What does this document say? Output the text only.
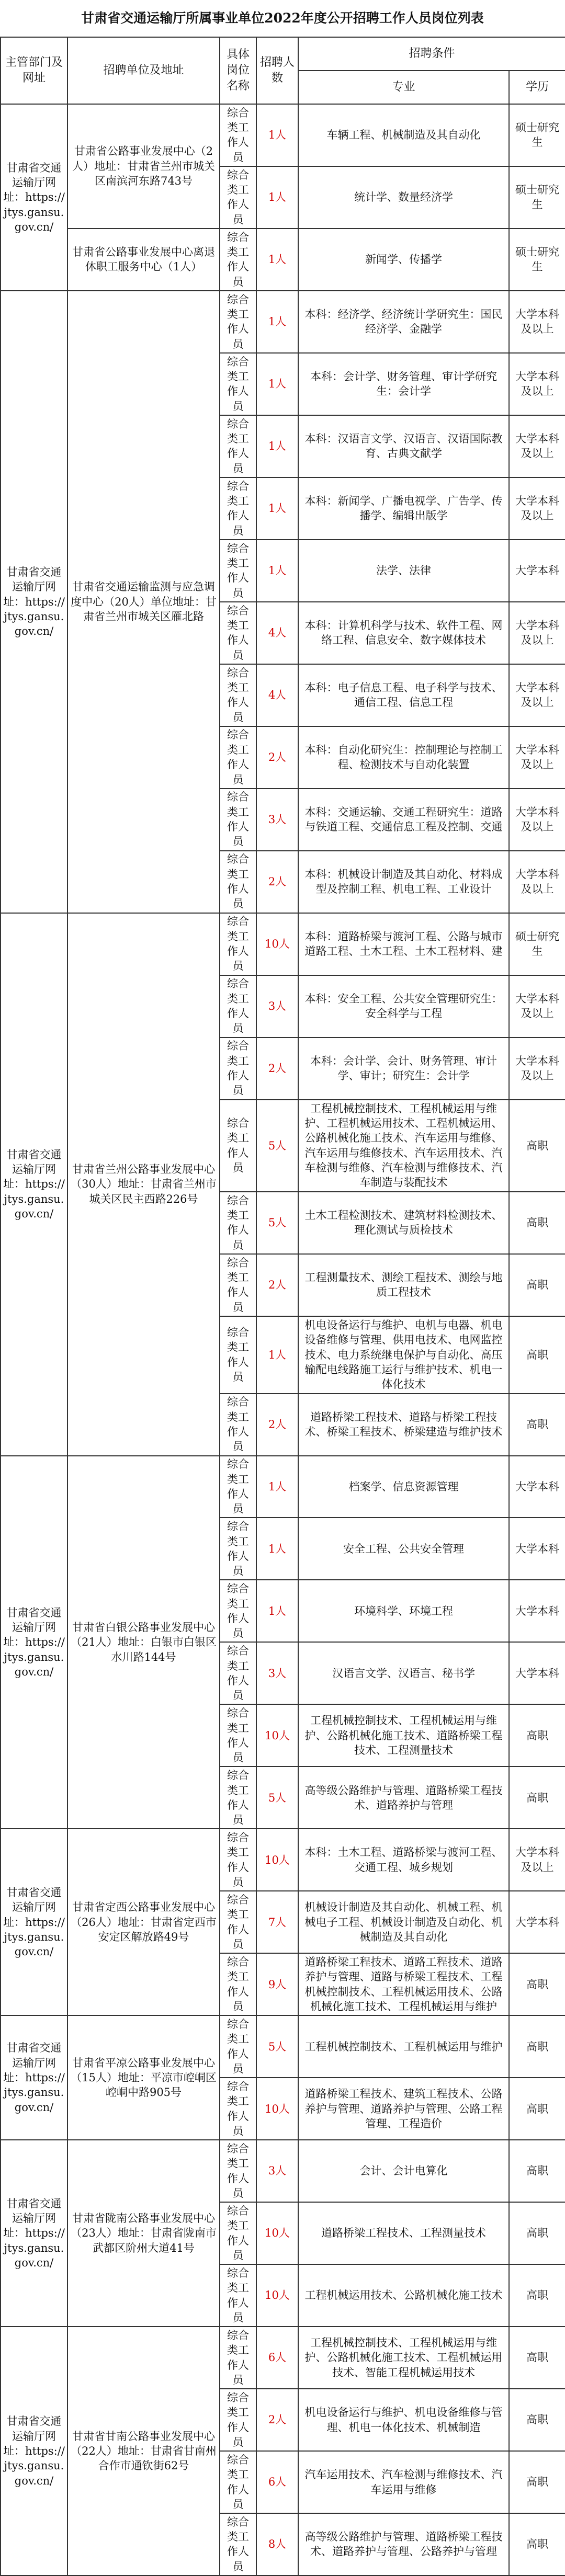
甘肃省交通运输厅所属事业单位2022年度公开招聘工作人员岗位列表
主管部门及网址	招聘单位及地址	具体岗位名称	招聘人数	招聘条件	
				专业	学历
甘肃省交通运输厅网址：https://jtys.gansu.gov.cn/	甘肃省公路事业发展中心（2人）地址：甘肃省兰州市城关区南滨河东路743号	综合类工作人员	1人	车辆工程、机械制造及其自动化	硕士研究生
		综合类工作人员	1人	统计学、数量经济学	硕士研究生
	甘肃省公路事业发展中心离退休职工服务中心（1人）	综合类工作人员	1人	新闻学、传播学	硕士研究生
甘肃省交通运输厅网址：https://jtys.gansu.gov.cn/	甘肃省交通运输监测与应急调度中心（20人）单位地址：甘肃省兰州市城关区雁北路	综合类工作人员	1人	本科：经济学、经济统计学研究生：国民经济学、金融学	大学本科及以上
		综合类工作人员	1人	本科：会计学、财务管理、审计学研究生：会计学	大学本科及以上
		综合类工作人员	1人	本科：汉语言文学、汉语言、汉语国际教育、古典文献学	大学本科及以上
		综合类工作人员	1人	本科：新闻学、广播电视学、广告学、传播学、编辑出版学	大学本科及以上
		综合类工作人员	1人	法学、法律	大学本科
		综合类工作人员	4人	本科：计算机科学与技术、软件工程、网络工程、信息安全、数字媒体技术	大学本科及以上
		综合类工作人员	4人	本科：电子信息工程、电子科学与技术、通信工程、信息工程	大学本科及以上
		综合类工作人员	2人	本科：自动化研究生：控制理论与控制工程、检测技术与自动化装置	大学本科及以上
		综合类工作人员	3人	本科：交通运输、交通工程研究生：道路与铁道工程、交通信息工程及控制、交通	大学本科及以上
		综合类工作人员	2人	本科：机械设计制造及其自动化、材料成型及控制工程、机电工程、工业设计	大学本科及以上
甘肃省交通运输厅网址：https://jtys.gansu.gov.cn/	甘肃省兰州公路事业发展中心（30人）地址：甘肃省兰州市城关区民主西路226号	综合类工作人员	10人	本科：道路桥梁与渡河工程、公路与城市道路工程、土木工程、土木工程材料、建	硕士研究生
		综合类工作人员	3人	本科：安全工程、公共安全管理研究生：安全科学与工程	大学本科及以上
		综合类工作人员	2人	本科：会计学、会计、财务管理、审计学、审计；研究生：会计学	大学本科及以上
		综合类工作人员	5人	工程机械控制技术、工程机械运用与维护、工程机械运用技术、工程机械运用、公路机械化施工技术、汽车运用与维修、汽车运用与维修技术、汽车运用技术、汽车检测与维修、汽车检测与维修技术、汽车制造与装配技术	高职
		综合类工作人员	5人	土木工程检测技术、建筑材料检测技术、理化测试与质检技术	高职
		综合类工作人员	2人	工程测量技术、测绘工程技术、测绘与地质工程技术	高职
		综合类工作人员	1人	机电设备运行与维护、电机与电器、机电设备维修与管理、供用电技术、电网监控技术、电力系统继电保护与自动化、高压输配电线路施工运行与维护技术、机电一体化技术	高职
		综合类工作人员	2人	道路桥梁工程技术、道路与桥梁工程技术、桥梁工程技术、桥梁建造与维护技术	高职
甘肃省交通运输厅网址：https://jtys.gansu.gov.cn/	甘肃省白银公路事业发展中心（21人）地址：白银市白银区水川路144号	综合类工作人员	1人	档案学、信息资源管理	大学本科
		综合类工作人员	1人	安全工程、公共安全管理	大学本科
		综合类工作人员	1人	环境科学、环境工程	大学本科
		综合类工作人员	3人	汉语言文学、汉语言、秘书学	大学本科
		综合类工作人员	10人	工程机械控制技术、工程机械运用与维护、公路机械化施工技术、道路桥梁工程技术、工程测量技术	高职
		综合类工作人员	5人	高等级公路维护与管理、道路桥梁工程技术、道路养护与管理	高职
甘肃省交通运输厅网址：https://jtys.gansu.gov.cn/	甘肃省定西公路事业发展中心（26人）地址：甘肃省定西市安定区解放路49号	综合类工作人员	10人	本科：土木工程、道路桥梁与渡河工程、交通工程、城乡规划	大学本科及以上
		综合类工作人员	7人	机械设计制造及其自动化、机械工程、机械电子工程、机械设计制造及自动化、机械制造及其自动化	大学本科
		综合类工作人员	9人	道路桥梁工程技术、道路工程技术、道路养护与管理、道路与桥梁工程技术、工程机械控制技术、工程机械运用技术、公路机械化施工技术、工程机械运用与维护	高职
甘肃省交通运输厅网址：https://jtys.gansu.gov.cn/	甘肃省平凉公路事业发展中心（15人）地址：平凉市崆峒区崆峒中路905号	综合类工作人员	5人	工程机械控制技术、工程机械运用与维护	高职
		综合类工作人员	10人	道路桥梁工程技术、建筑工程技术、公路养护与管理、道路养护与管理、公路工程管理、工程造价	高职
甘肃省交通运输厅网址：https://jtys.gansu.gov.cn/	甘肃省陇南公路事业发展中心（23人）地址：甘肃省陇南市武都区阶州大道41号	综合类工作人员	3人	会计、会计电算化	高职
		综合类工作人员	10人	道路桥梁工程技术、工程测量技术	高职
		综合类工作人员	10人	工程机械运用技术、公路机械化施工技术	高职
甘肃省交通运输厅网址：https://jtys.gansu.gov.cn/	甘肃省甘南公路事业发展中心（22人）地址：甘肃省甘南州合作市通钦街62号	综合类工作人员	6人	工程机械控制技术、工程机械运用与维护、公路机械化施工技术、工程机械运用技术、智能工程机械运用技术	高职
		综合类工作人员	2人	机电设备运行与维护、机电设备维修与管理、机电一体化技术、机械制造	高职
		综合类工作人员	6人	汽车运用技术、汽车检测与维修技术、汽车运用与维修	高职
		综合类工作人员	8人	高等级公路维护与管理、道路桥梁工程技术、道路养护与管理、公路养护与管理	高职
